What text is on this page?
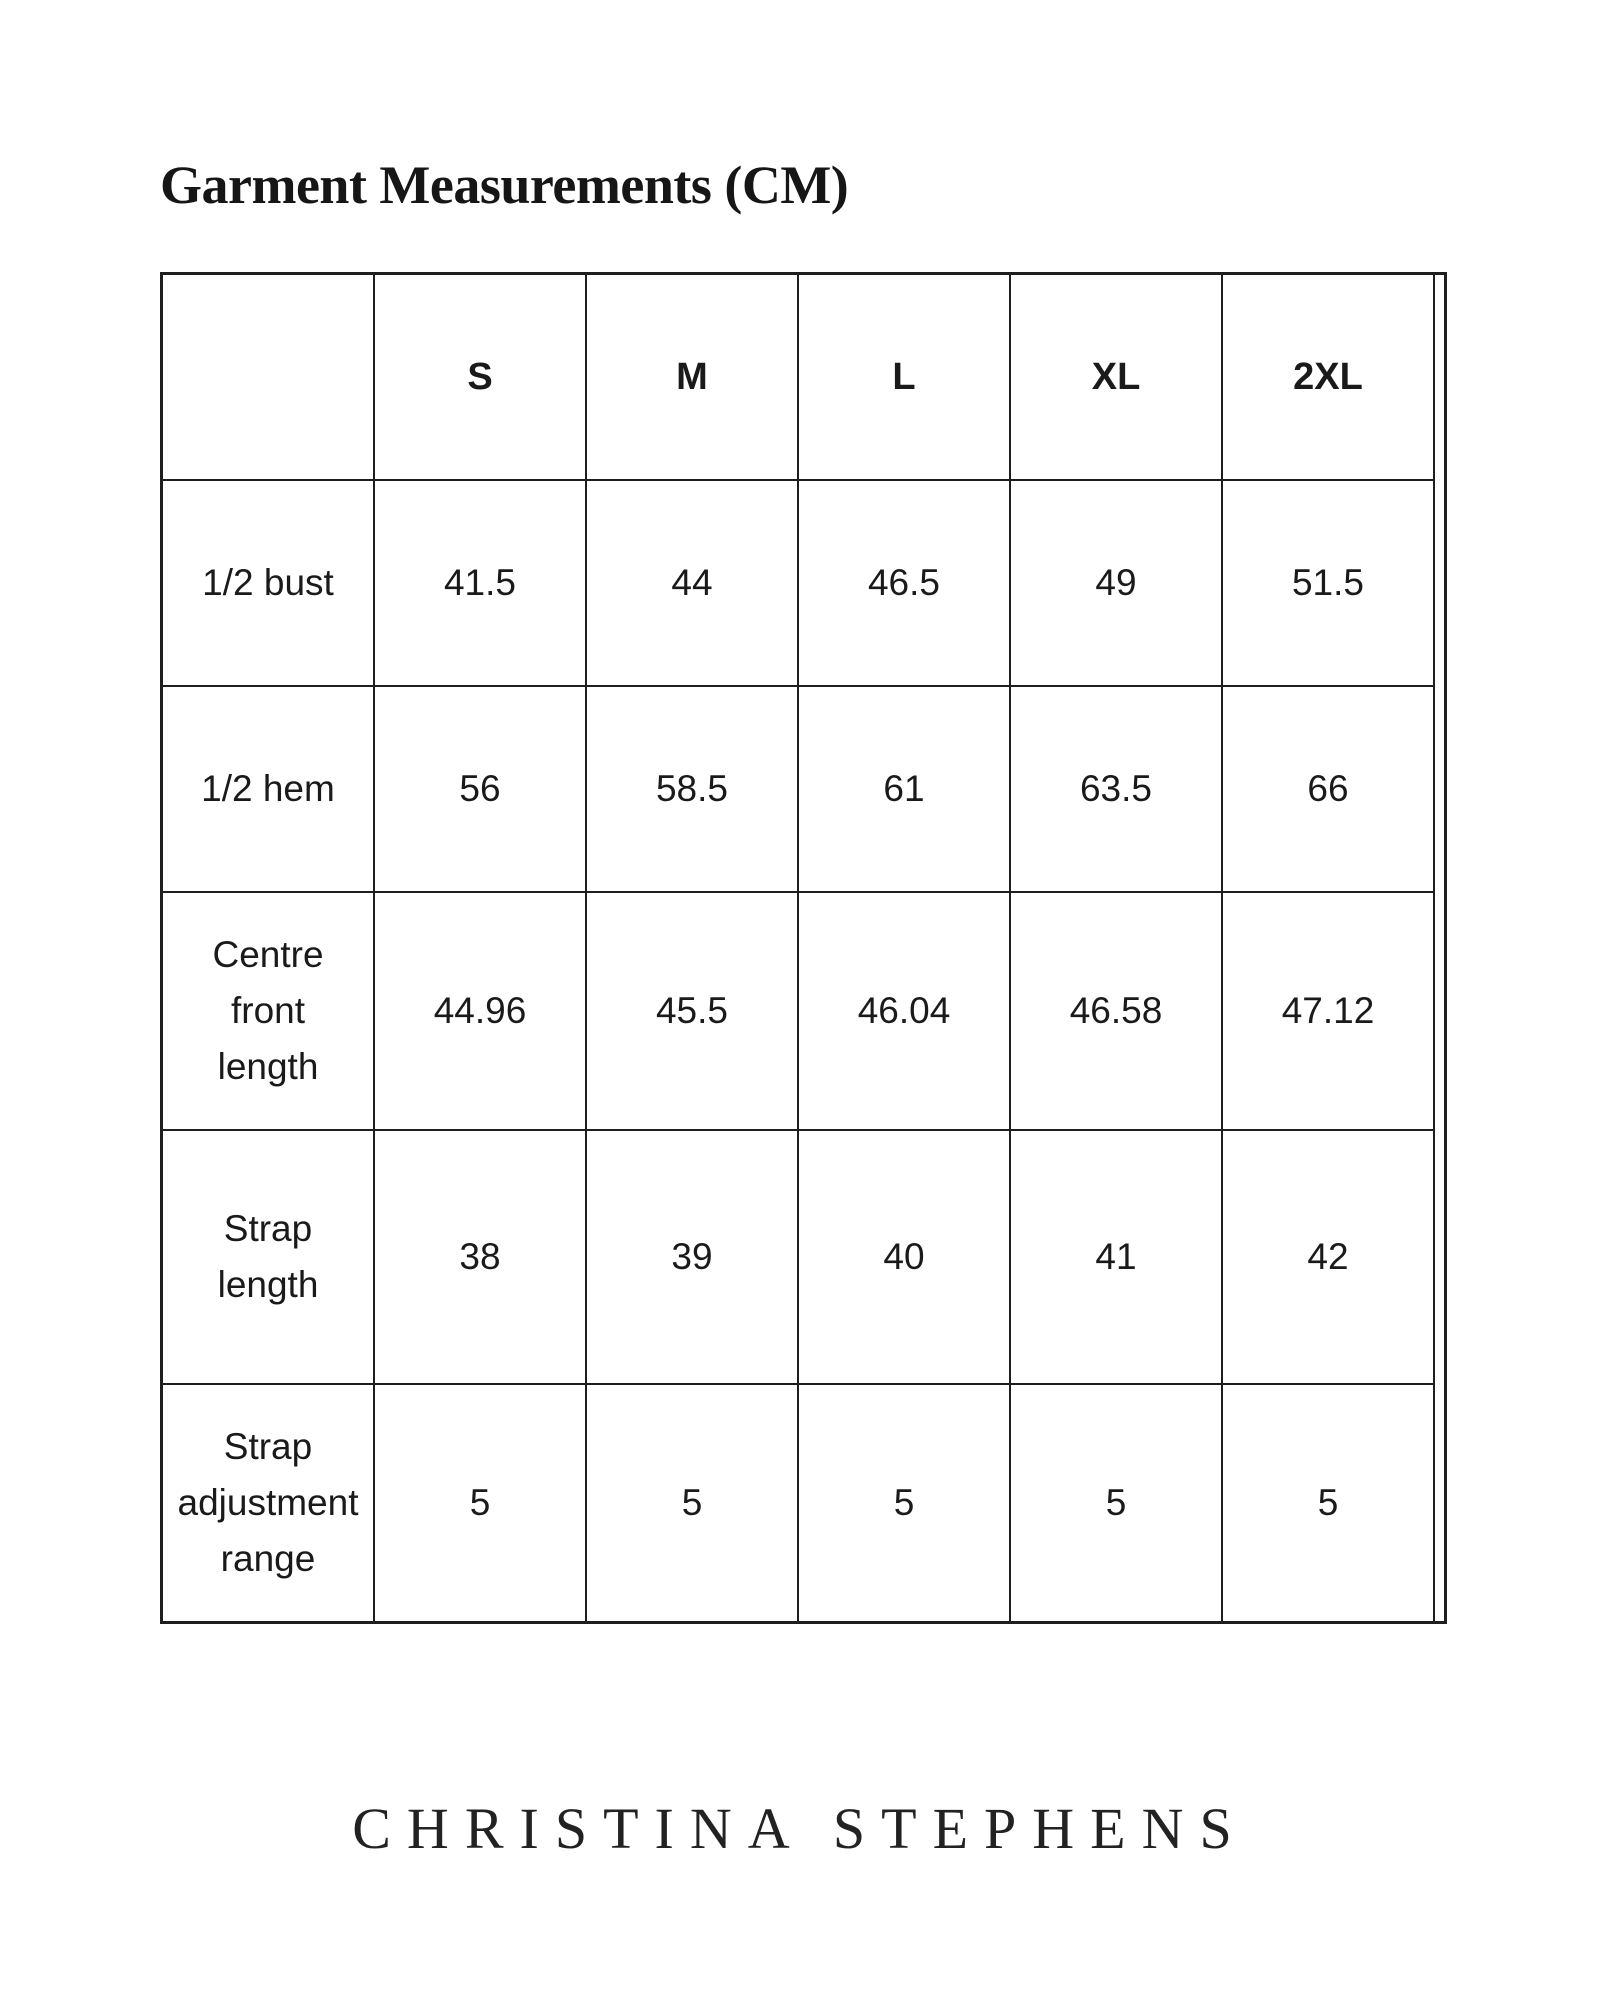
Garment Measurements (CM)
	S	M	L	XL	2XL
1/2 bust	41.5	44	46.5	49	51.5
1/2 hem	56	58.5	61	63.5	66
Centre
front
length	44.96	45.5	46.04	46.58	47.12
Strap
length	38	39	40	41	42
Strap
adjustment
range	5	5	5	5	5
CHRISTINA STEPHENS
